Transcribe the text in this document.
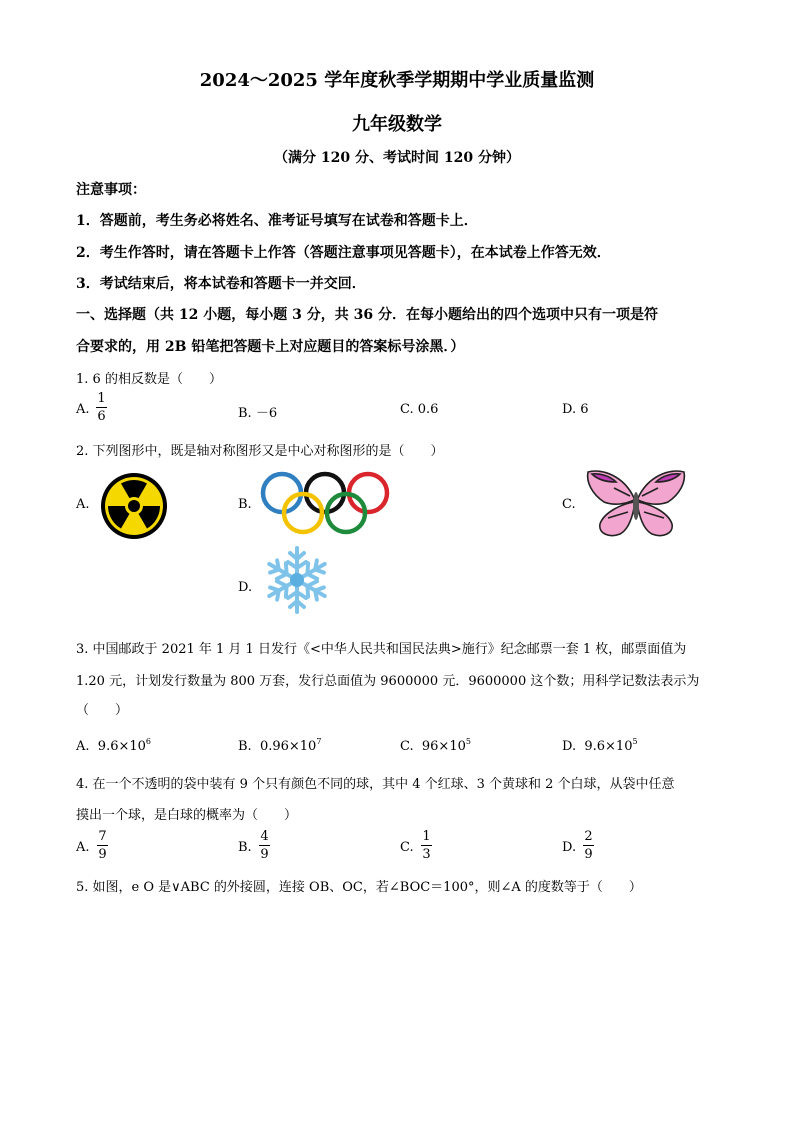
2024～2025 学年度秋季学期期中学业质量监测
九年级数学
（满分 120 分、考试时间 120 分钟）
注意事项：
1．答题前，考生务必将姓名、准考证号填写在试卷和答题卡上．
2．考生作答时，请在答题卡上作答（答题注意事项见答题卡），在本试卷上作答无效．
3．考试结束后，将本试卷和答题卡一并交回．
一、选择题（共 12 小题，每小题 3 分，共 36 分．在每小题给出的四个选项中只有一项是符
合要求的，用 2B 铅笔把答题卡上对应题目的答案标号涂黑．）
1. 6 的相反数是（　　）
A.
1
6	B. －6	C. 0.6	D. 6
2. 下列图形中，既是轴对称图形又是中心对称图形的是（　　）
A.	B.	C.
D.
3. 中国邮政于 2021 年 1 月 1 日发行《<中华人民共和国民法典>施行》纪念邮票一套 1 枚，邮票面值为
1.20 元，计划发行数量为 800 万套，发行总面值为 9600000 元．9600000 这个数；用科学记数法表示为
（　　）
A. $9.6\times 10^6$	B. $0.96\times 10^7$	C. $96\times 10^5$	D. $9.6\times 10^5$
4. 在一个不透明的袋中装有 9 个只有颜色不同的球，其中 4 个红球、3 个黄球和 2 个白球，从袋中任意
摸出一个球，是白球的概率为（　　）
A.
7
9	B.
4
9	C.
1
3	D.
2
9
5. 如图，e O 是∨ABC 的外接圆，连接 OB、OC，若∠BOC＝100°，则∠A 的度数等于（　　）
